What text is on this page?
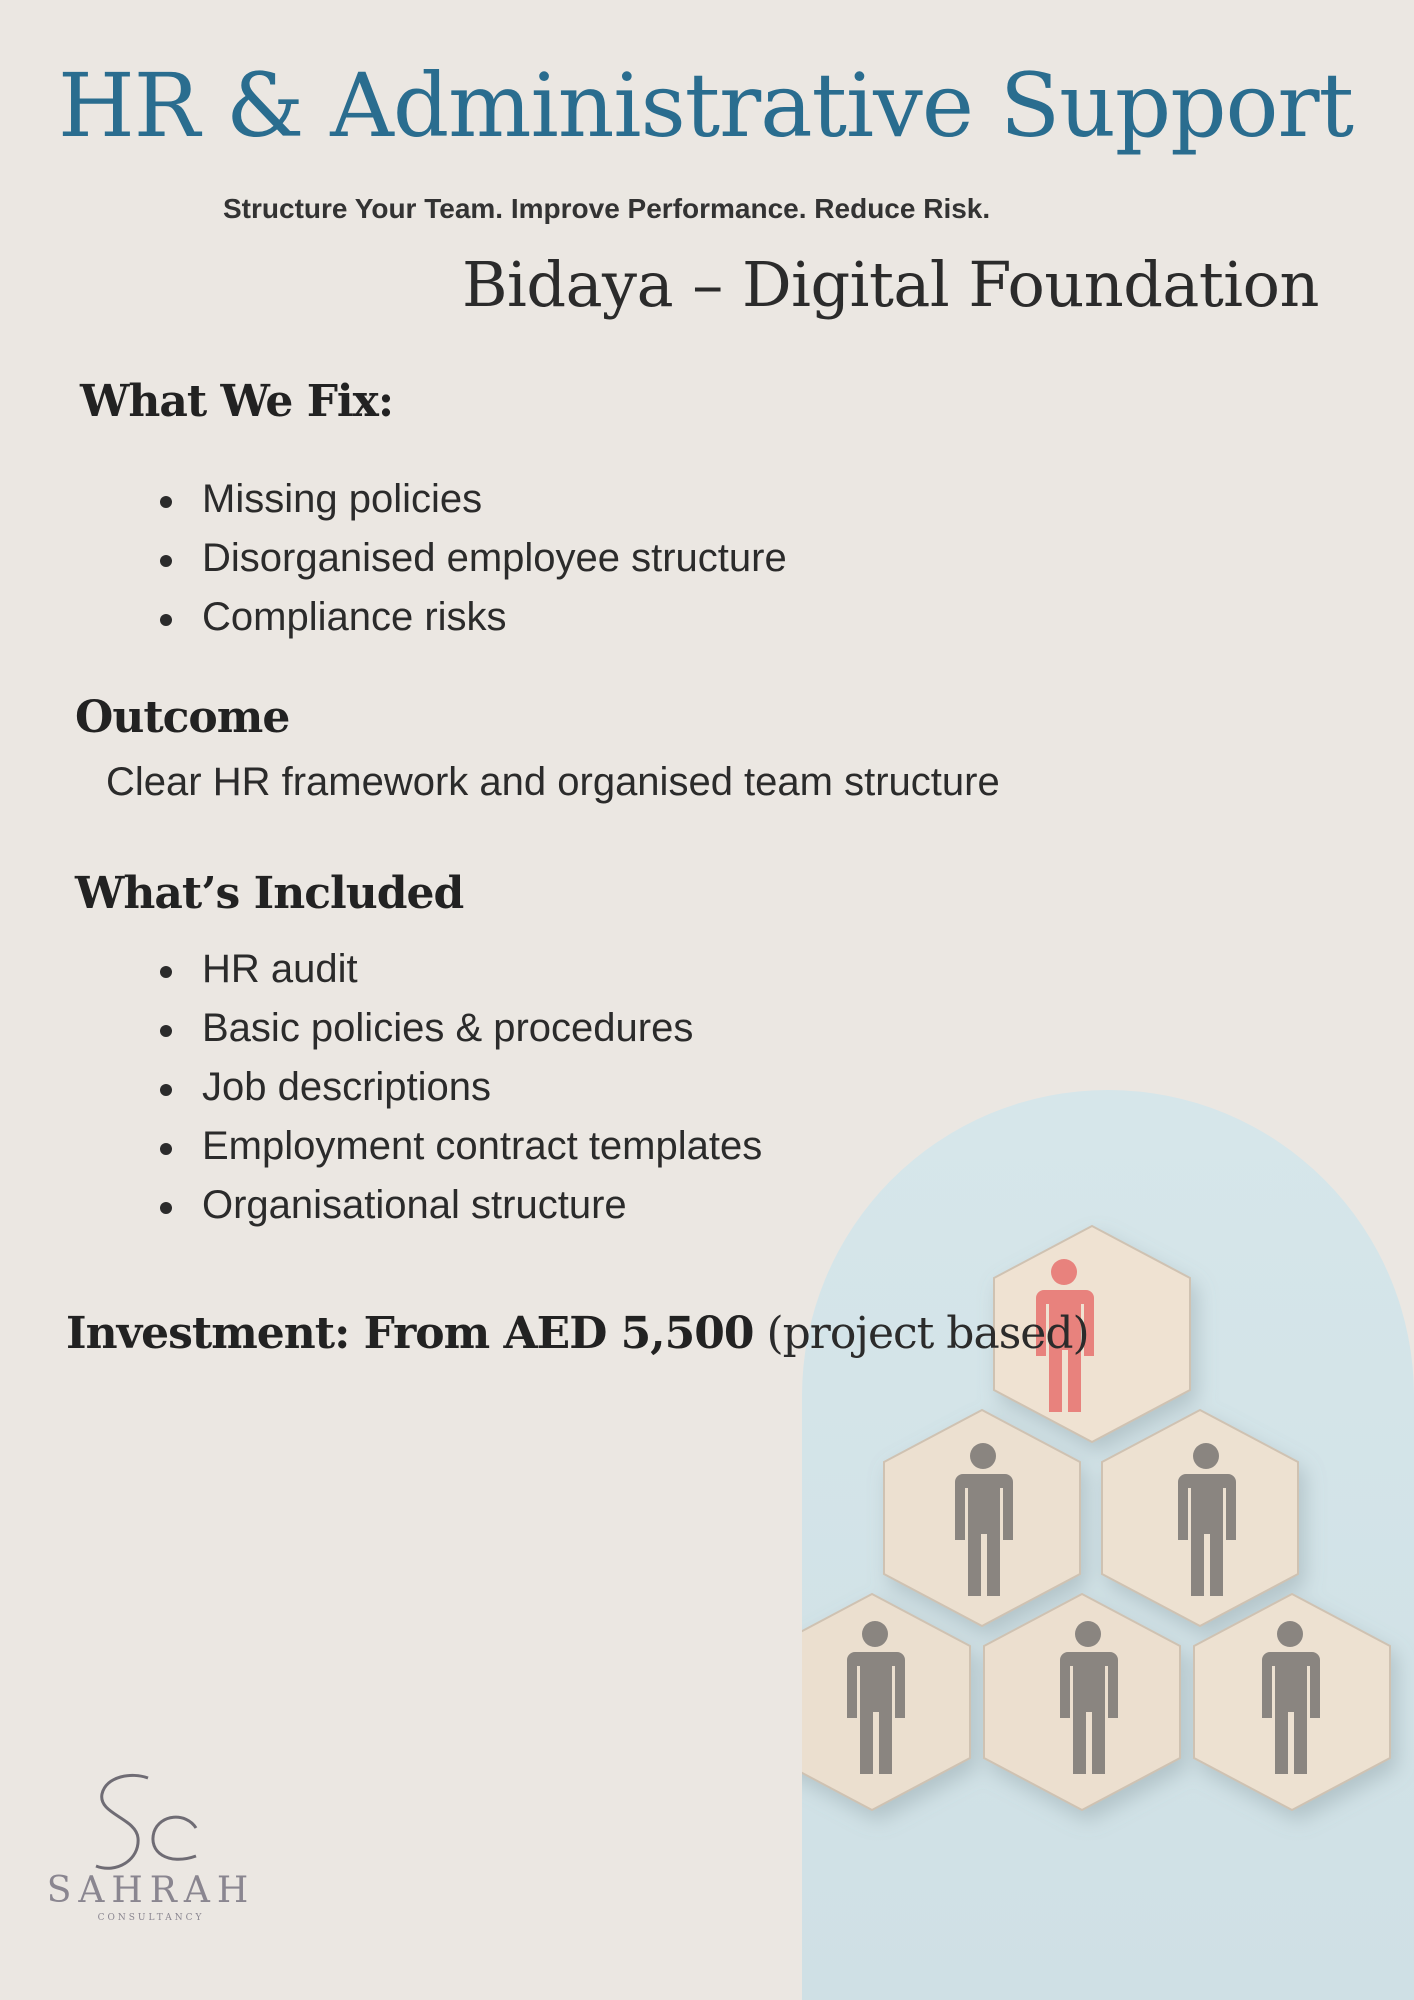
HR & Administrative Support
Structure Your Team. Improve Performance. Reduce Risk.
Bidaya – Digital Foundation
What We Fix:
Missing policies
Disorganised employee structure
Compliance risks
Outcome
Clear HR framework and organised team structure
What’s Included
HR audit
Basic policies & procedures
Job descriptions
Employment contract templates
Organisational structure
Investment: From AED 5,500 (project based)
SAHRAH
CONSULTANCY
